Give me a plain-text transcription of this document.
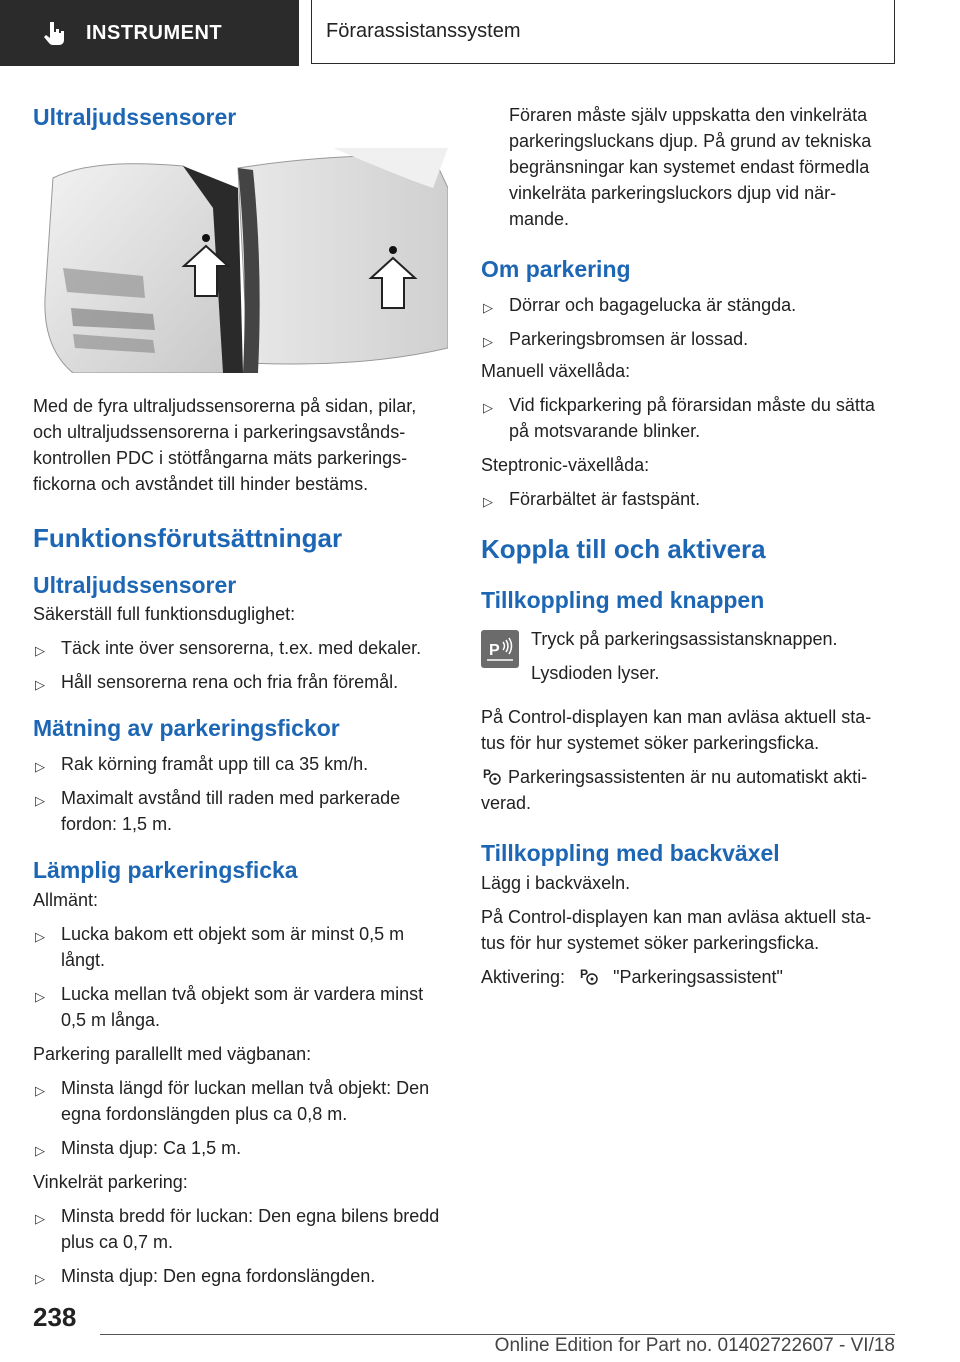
INSTRUMENT	Förarassistanssystem
Ultraljudssensorer

Med de fyra ultraljudssensorerna på sidan, pilar, och ultraljudssensorerna i parkeringsavstånds- kontrollen PDC i stötfångarna mäts parkerings- fickorna och avståndet till hinder bestäms.

Funktionsförutsättningar
Ultraljudssensorer

Säkerställ full funktionsduglighet:

▷ Täck inte över sensorerna, t.ex. med dekaler.
▷ Håll sensorerna rena och fria från föremål.
Mätning av parkeringsfickor
▷ Rak körning framåt upp till ca 35 km/h.
▷ Maximalt avstånd till raden med parkerade fordon: 1,5 m.
Lämplig parkeringsficka

Allmänt:

▷ Lucka bakom ett objekt som är minst 0,5 m långt.
▷ Lucka mellan två objekt som är vardera minst 0,5 m långa.

Parkering parallellt med vägbanan:

▷ Minsta längd för luckan mellan två objekt: Den egna fordonslängden plus ca 0,8 m.
▷ Minsta djup: Ca 1,5 m.

Vinkelrät parkering:

▷ Minsta bredd för luckan: Den egna bilens bredd plus ca 0,7 m.
▷ Minsta djup: Den egna fordonslängden.

Föraren måste själv uppskatta den vinkelräta parkeringsluckans djup. På grund av tekniska begränsningar kan systemet endast förmedla vinkelräta parkeringsluckors djup vid när- mande.

Om parkering
▷ Dörrar och bagagelucka är stängda.
▷ Parkeringsbromsen är lossad.

Manuell växellåda:

▷ Vid fickparkering på förarsidan måste du sätta på motsvarande blinker.

Steptronic-växellåda:

▷ Förarbältet är fastspänt.
Koppla till och aktivera
Tillkoppling med knappen
P

Tryck på parkeringsassistansknappen.

Lysdioden lyser.

På Control-displayen kan man avläsa aktuell sta- tus för hur systemet söker parkeringsficka.

P Parkeringsassistenten är nu automatiskt akti- verad.

Tillkoppling med backväxel

Lägg i backväxeln.

På Control-displayen kan man avläsa aktuell sta- tus för hur systemet söker parkeringsficka.

Aktivering: P "Parkeringsassistent"

238
Online Edition for Part no. 01402722607 - VI/18
